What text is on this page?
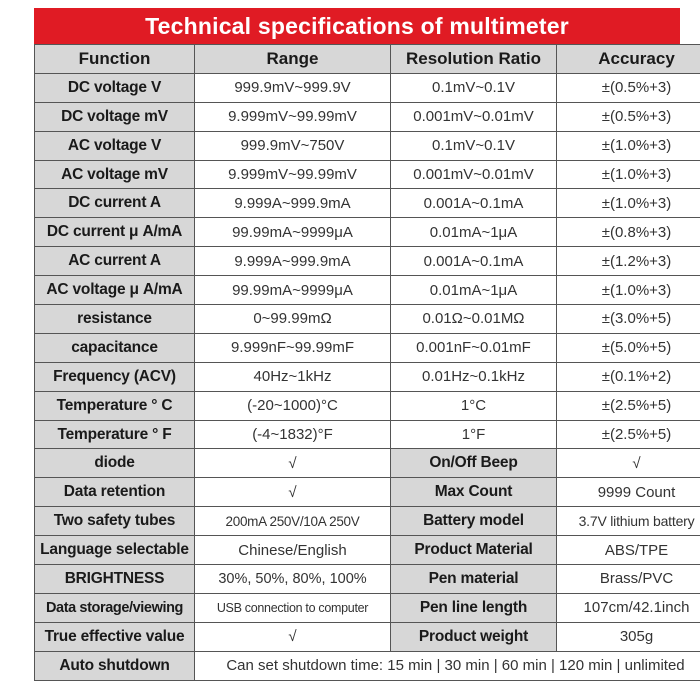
Technical specifications of multimeter
Function	Range	Resolution Ratio	Accuracy
DC voltage V	999.9mV~999.9V	0.1mV~0.1V	±(0.5%+3)
DC voltage mV	9.999mV~99.99mV	0.001mV~0.01mV	±(0.5%+3)
AC voltage V	999.9mV~750V	0.1mV~0.1V	±(1.0%+3)
AC voltage mV	9.999mV~99.99mV	0.001mV~0.01mV	±(1.0%+3)
DC current A	9.999A~999.9mA	0.001A~0.1mA	±(1.0%+3)
DC current μ A/mA	99.99mA~9999μA	0.01mA~1μA	±(0.8%+3)
AC current A	9.999A~999.9mA	0.001A~0.1mA	±(1.2%+3)
AC voltage μ A/mA	99.99mA~9999μA	0.01mA~1μA	±(1.0%+3)
resistance	0~99.99mΩ	0.01Ω~0.01MΩ	±(3.0%+5)
capacitance	9.999nF~99.99mF	0.001nF~0.01mF	±(5.0%+5)
Frequency (ACV)	40Hz~1kHz	0.01Hz~0.1kHz	±(0.1%+2)
Temperature ° C	(-20~1000)°C	1°C	±(2.5%+5)
Temperature ° F	(-4~1832)°F	1°F	±(2.5%+5)
diode	√	On/Off Beep	√
Data retention	√	Max Count	9999 Count
Two safety tubes	200mA 250V/10A 250V	Battery model	3.7V lithium battery
Language selectable	Chinese/English	Product Material	ABS/TPE
BRIGHTNESS	30%, 50%, 80%, 100%	Pen material	Brass/PVC
Data storage/viewing	USB connection to computer	Pen line length	107cm/42.1inch
True effective value	√	Product weight	305g
Auto shutdown	Can set shutdown time: 15 min | 30 min | 60 min | 120 min | unlimited		
